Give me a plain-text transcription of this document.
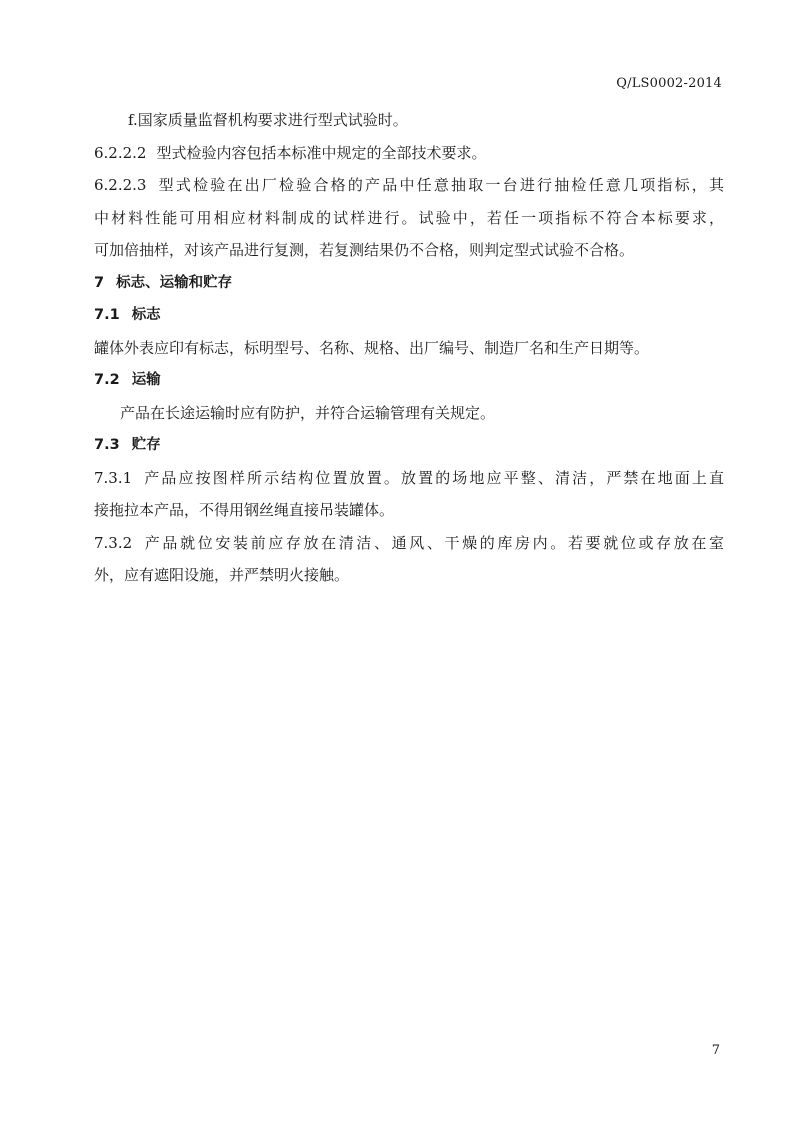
Q/LS0002-2014
f.国家质量监督机构要求进行型式试验时。
6.2.2.2 型式检验内容包括本标准中规定的全部技术要求。
6.2.2.3 型式检验在出厂检验合格的产品中任意抽取一台进行抽检任意几项指标，其
中材料性能可用相应材料制成的试样进行。试验中，若任一项指标不符合本标要求，
可加倍抽样，对该产品进行复测，若复测结果仍不合格，则判定型式试验不合格。
7 标志、运输和贮存
7.1 标志
罐体外表应印有标志，标明型号、名称、规格、出厂编号、制造厂名和生产日期等。
7.2 运输
产品在长途运输时应有防护，并符合运输管理有关规定。
7.3 贮存
7.3.1 产品应按图样所示结构位置放置。放置的场地应平整、清洁，严禁在地面上直
接拖拉本产品，不得用钢丝绳直接吊装罐体。
7.3.2 产品就位安装前应存放在清洁、通风、干燥的库房内。若要就位或存放在室
外，应有遮阳设施，并严禁明火接触。
7
